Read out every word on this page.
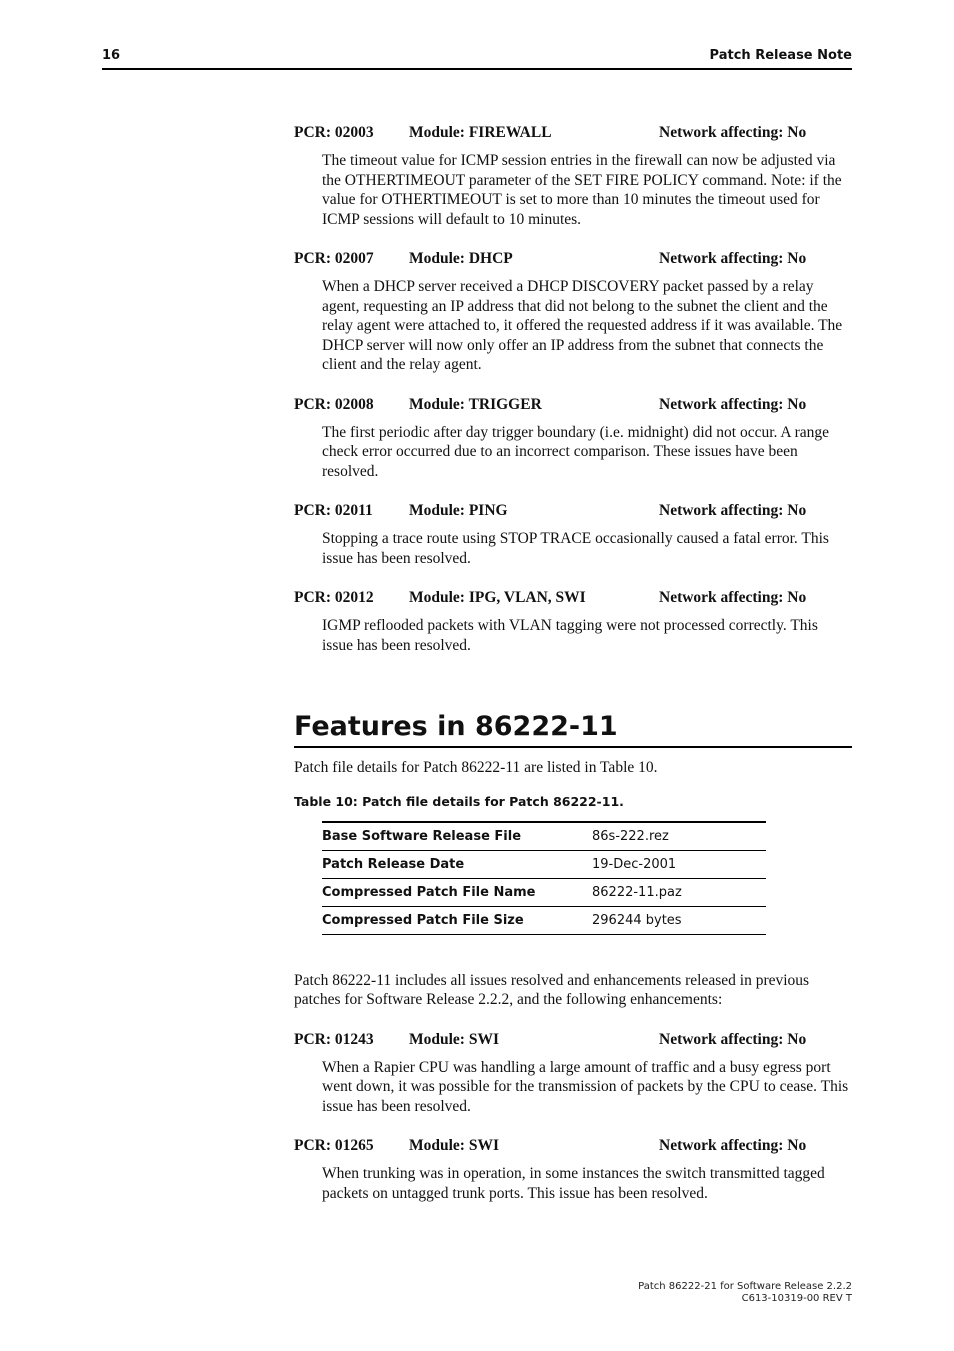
16	Patch Release Note
PCR: 02003 Module: FIREWALL	Network affecting: No
The timeout value for ICMP session entries in the firewall can now be adjusted via the OTHERTIMEOUT parameter of the SET FIRE POLICY command. Note: if the value for OTHERTIMEOUT is set to more than 10 minutes the timeout used for ICMP sessions will default to 10 minutes.
PCR: 02007 Module: DHCP	Network affecting: No
When a DHCP server received a DHCP DISCOVERY packet passed by a relay agent, requesting an IP address that did not belong to the subnet the client and the relay agent were attached to, it offered the requested address if it was available. The DHCP server will now only offer an IP address from the subnet that connects the client and the relay agent.
PCR: 02008 Module: TRIGGER	Network affecting: No
The first periodic after day trigger boundary (i.e. midnight) did not occur. A range check error occurred due to an incorrect comparison. These issues have been resolved.
PCR: 02011 Module: PING	Network affecting: No
Stopping a trace route using STOP TRACE occasionally caused a fatal error. This issue has been resolved.
PCR: 02012 Module: IPG, VLAN, SWI	Network affecting: No
IGMP reflooded packets with VLAN tagging were not processed correctly. This issue has been resolved.
Features in 86222-11
Patch file details for Patch 86222-11 are listed in Table 10.
Table 10: Patch file details for Patch 86222-11.
Base Software Release File	86s-222.rez
Patch Release Date	19-Dec-2001
Compressed Patch File Name	86222-11.paz
Compressed Patch File Size	296244 bytes
Patch 86222-11 includes all issues resolved and enhancements released in previous patches for Software Release 2.2.2, and the following enhancements:
PCR: 01243 Module: SWI	Network affecting: No
When a Rapier CPU was handling a large amount of traffic and a busy egress port went down, it was possible for the transmission of packets by the CPU to cease. This issue has been resolved.
PCR: 01265 Module: SWI	Network affecting: No
When trunking was in operation, in some instances the switch transmitted tagged packets on untagged trunk ports. This issue has been resolved.
Patch 86222-21 for Software Release 2.2.2
C613-10319-00 REV T
